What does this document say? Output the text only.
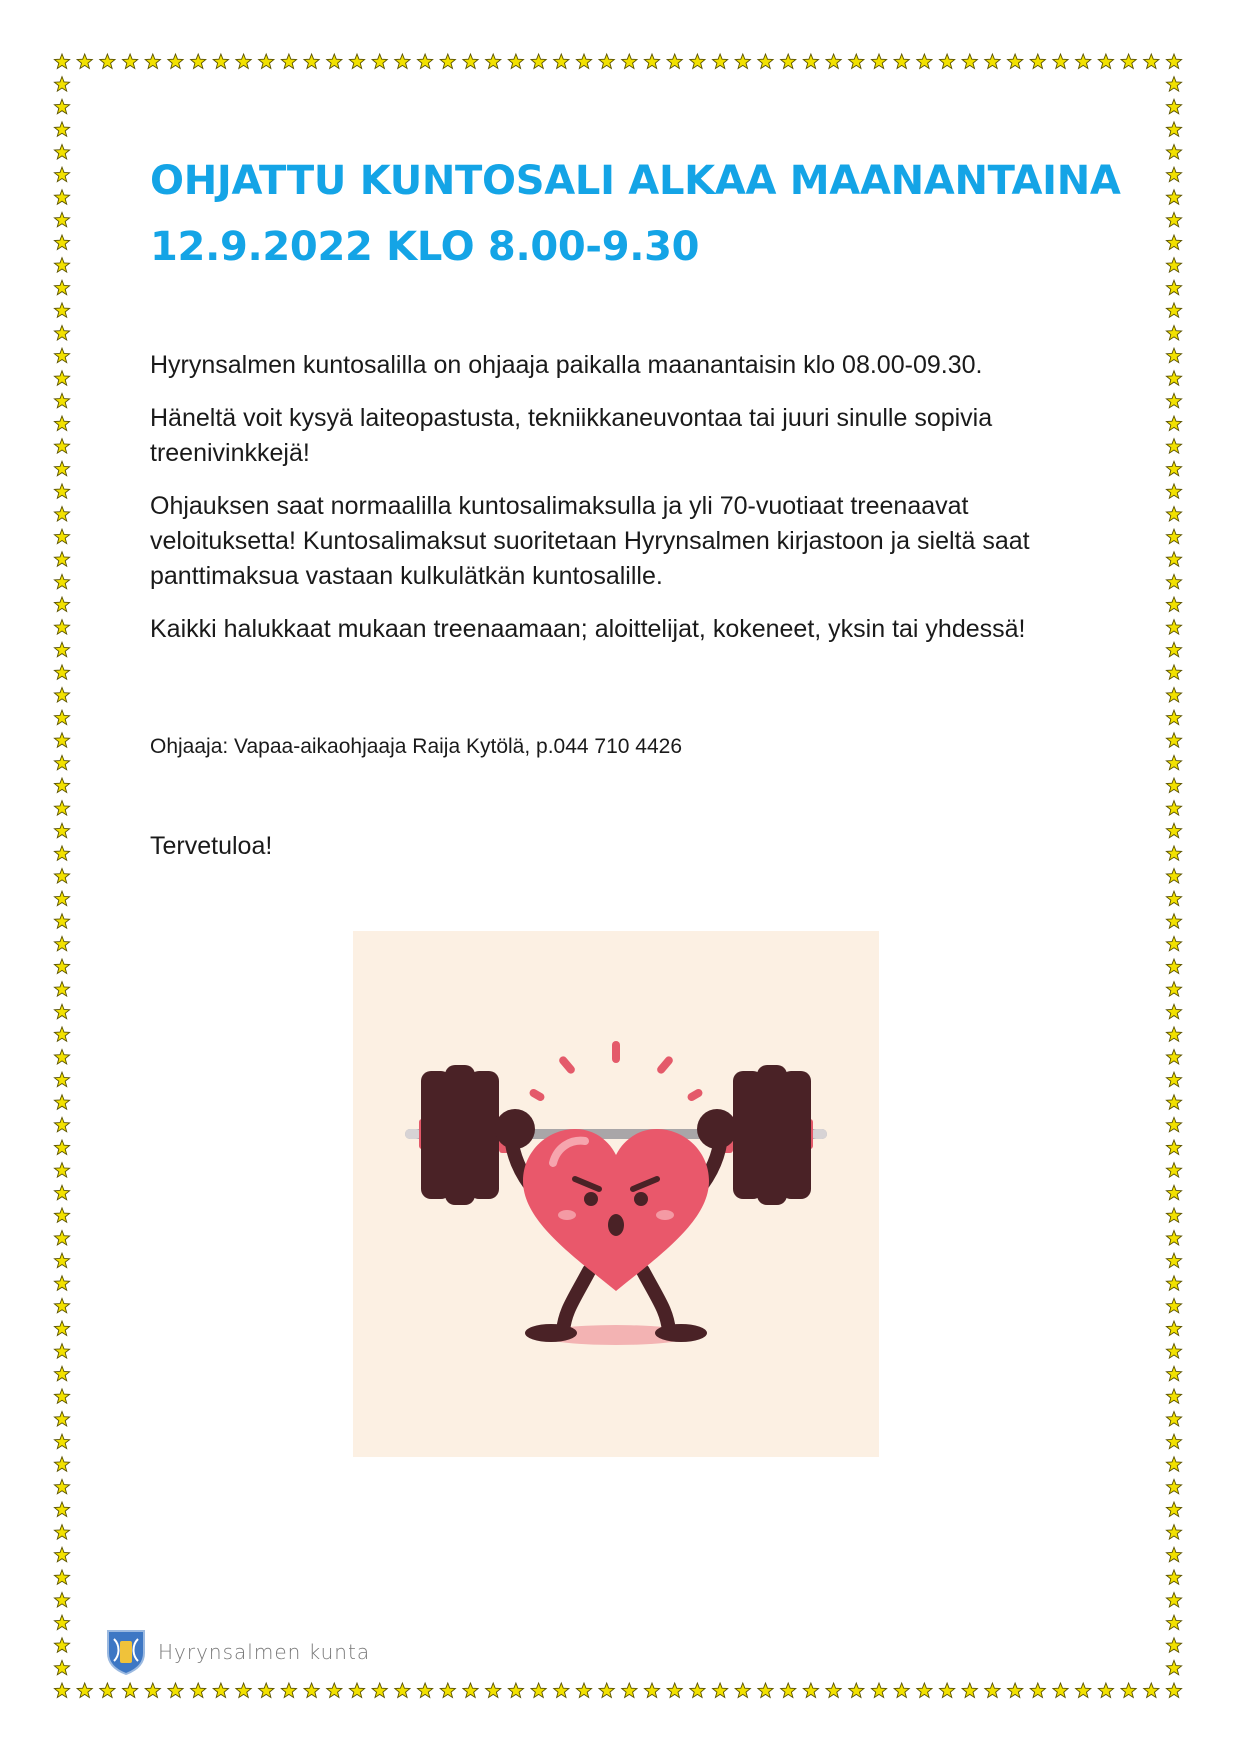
OHJATTU KUNTOSALI ALKAA MAANANTAINA
12.9.2022 KLO 8.00-9.30

Hyrynsalmen kuntosalilla on ohjaaja paikalla maanantaisin klo 08.00-09.30.

Häneltä voit kysyä laiteopastusta, tekniikkaneuvontaa tai juuri sinulle sopivia treenivinkkejä!

Ohjauksen saat normaalilla kuntosalimaksulla ja yli 70-vuotiaat treenaavat veloituksetta! Kuntosalimaksut suoritetaan Hyrynsalmen kirjastoon ja sieltä saat panttimaksua vastaan kulkulätkän kuntosalille.

Kaikki halukkaat mukaan treenaamaan; aloittelijat, kokeneet, yksin tai yhdessä!

Ohjaaja: Vapaa-aikaohjaaja Raija Kytölä, p.044 710 4426

Tervetuloa!

Hyrynsalmen kunta
